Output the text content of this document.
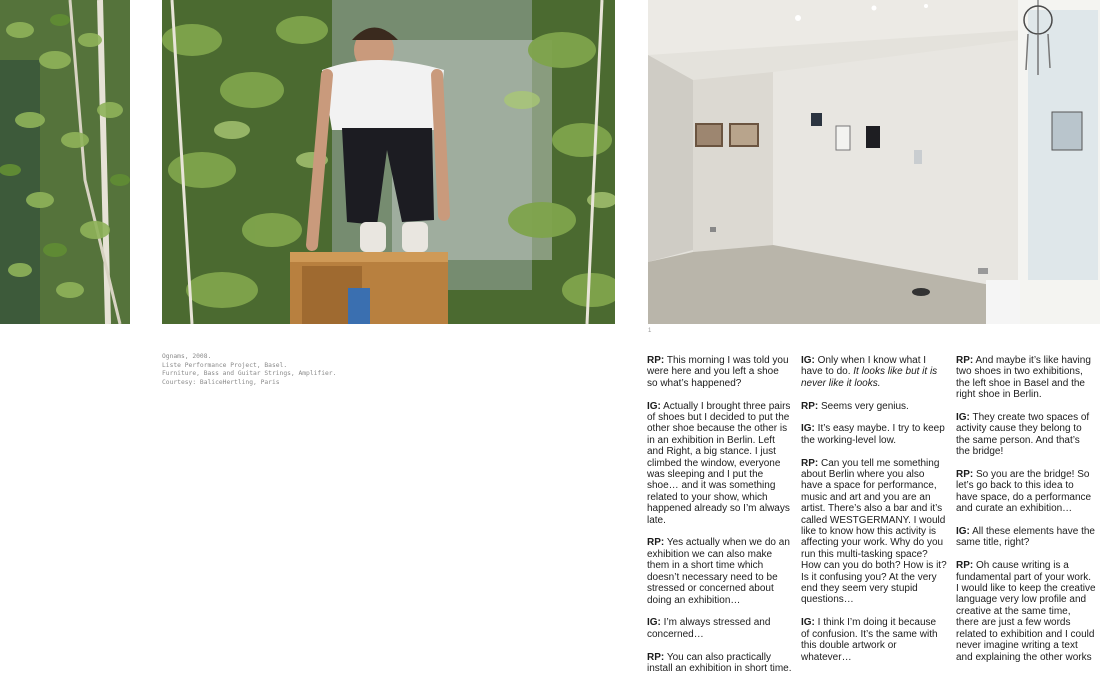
1
Ognams, 2008.
Liste Performance Project, Basel.
Furniture, Bass and Guitar Strings, Amplifier.
Courtesy: BaliceHertling, Paris

RP: This morning I was told you were here and you left a shoe so what’s happened?

IG: Actually I brought three pairs of shoes but I decided to put the other shoe because the other is in an exhibition in Berlin. Left and Right, a big stance. I just climbed the window, everyone was sleeping and I put the shoe… and it was something related to your show, which happened already so I’m always late.

RP: Yes actually when we do an exhibition we can also make them in a short time which doesn’t necessary need to be stressed or concerned about doing an exhibition…

IG: I’m always stressed and concerned…

RP: You can also practically install an exhibition in short time.

IG: Only when I know what I have to do. It looks like but it is never like it looks.

RP: Seems very genius.

IG: It’s easy maybe. I try to keep the working-level low.

RP: Can you tell me something about Berlin where you also have a space for performance, music and art and you are an artist. There’s also a bar and it’s called WESTGERMANY. I would like to know how this activity is affecting your work. Why do you run this multi-tasking space? How can you do both? How is it? Is it confusing you? At the very end they seem very stupid questions…

IG: I think I’m doing it because of confusion. It’s the same with this double artwork or whatever…

RP: And maybe it’s like having two shoes in two exhibitions, the left shoe in Basel and the right shoe in Berlin.

IG: They create two spaces of activity cause they belong to the same person. And that’s the bridge!

RP: So you are the bridge! So let’s go back to this idea to have space, do a performance and curate an exhibition…

IG: All these elements have the same title, right?

RP: Oh cause writing is a fundamental part of your work. I would like to keep the creative language very low profile and creative at the same time, there are just a few words related to exhibition and I could never imagine writing a text and explaining the other works
